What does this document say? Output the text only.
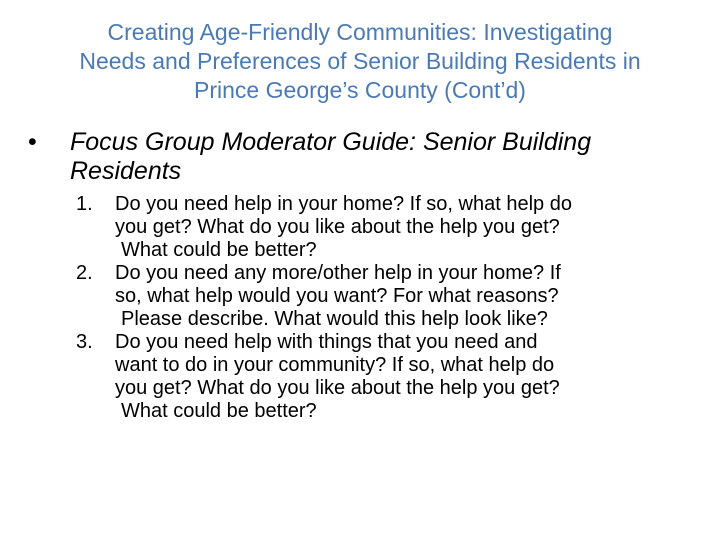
Creating Age-Friendly Communities: Investigating
Needs and Preferences of Senior Building Residents in
Prince George’s County (Cont’d)
• Focus Group Moderator Guide: Senior Building
Residents
1. Do you need help in your home? If so, what help do
you get? What do you like about the help you get?
What could be better?
2. Do you need any more/other help in your home? If
so, what help would you want? For what reasons?
Please describe. What would this help look like?
3. Do you need help with things that you need and
want to do in your community? If so, what help do
you get? What do you like about the help you get?
What could be better?
